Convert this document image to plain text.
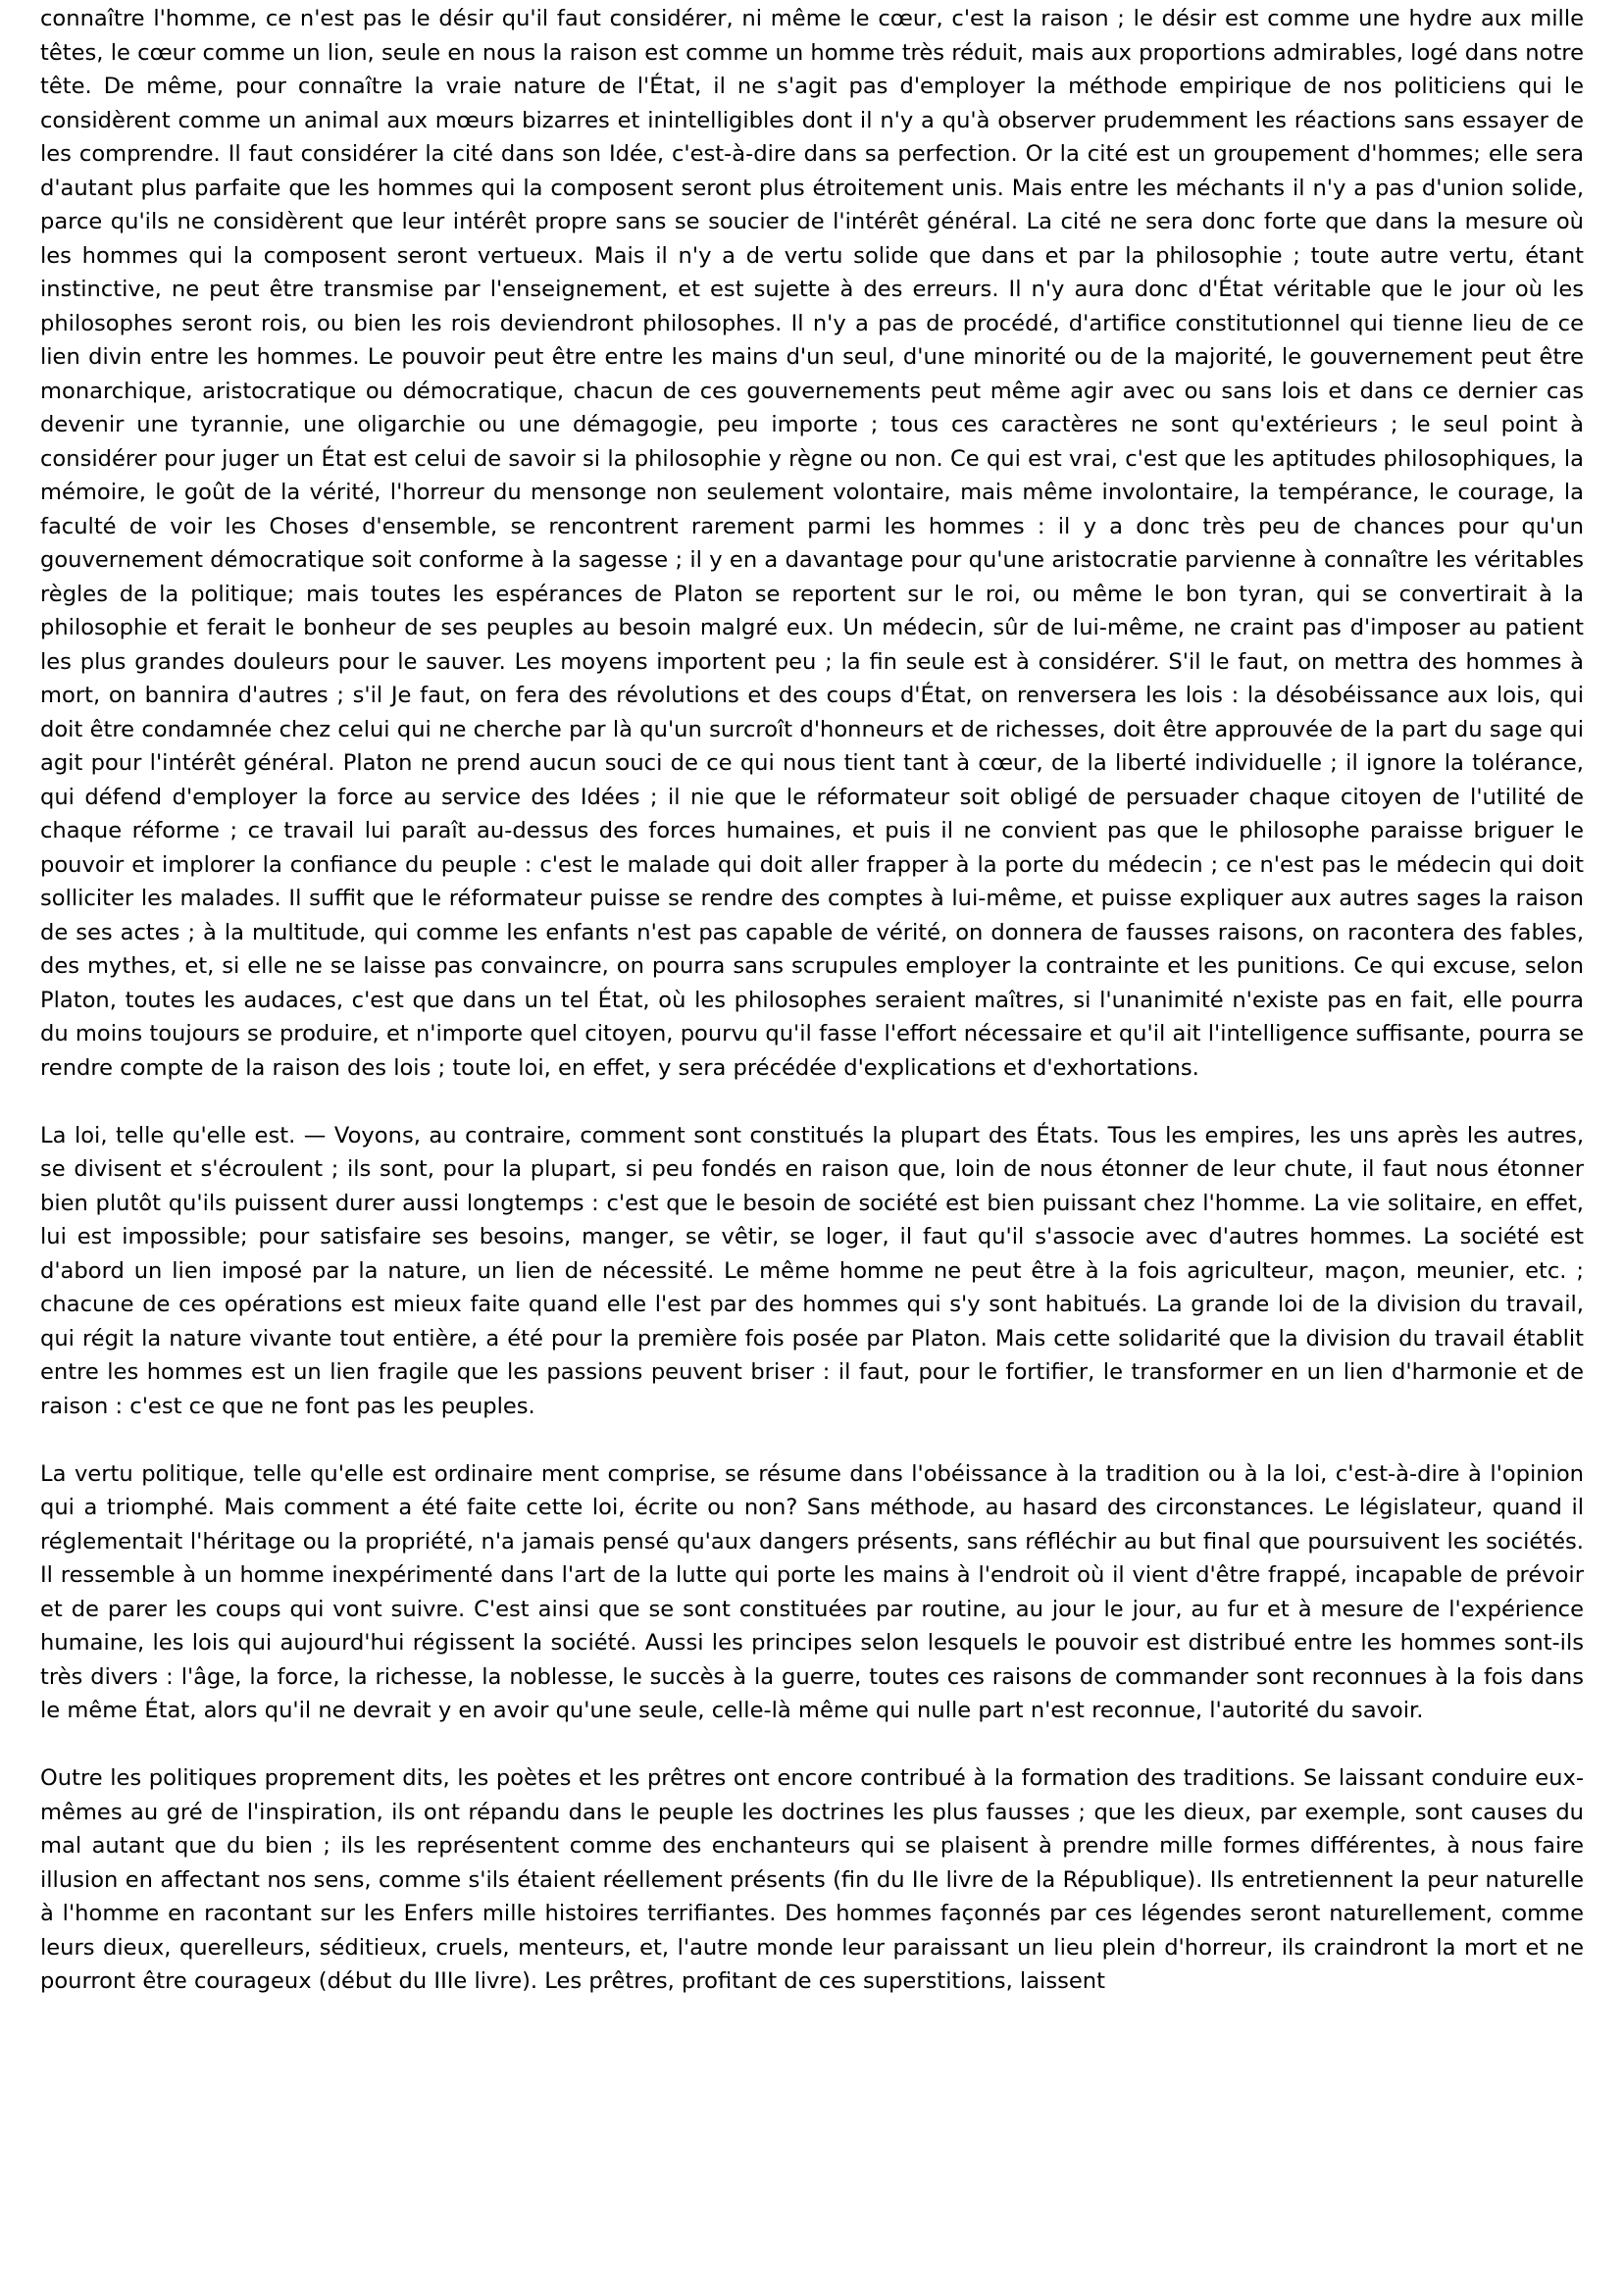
connaître l'homme, ce n'est pas le désir qu'il faut considérer, ni même le cœur, c'est la raison ; le désir est comme une hydre aux mille têtes, le cœur comme un lion, seule en nous la raison est comme un homme très réduit, mais aux proportions admirables, logé dans notre tête. De même, pour connaître la vraie nature de l'État, il ne s'agit pas d'employer la méthode empirique de nos politiciens qui le considèrent comme un animal aux mœurs bizarres et inintelligibles dont il n'y a qu'à observer prudemment les réactions sans essayer de les comprendre. Il faut considérer la cité dans son Idée, c'est-à-dire dans sa perfection. Or la cité est un groupement d'hommes; elle sera d'autant plus parfaite que les hommes qui la composent seront plus étroitement unis. Mais entre les méchants il n'y a pas d'union solide, parce qu'ils ne considèrent que leur intérêt propre sans se soucier de l'intérêt général. La cité ne sera donc forte que dans la mesure où les hommes qui la composent seront vertueux. Mais il n'y a de vertu solide que dans et par la philosophie ; toute autre vertu, étant instinctive, ne peut être transmise par l'enseignement, et est sujette à des erreurs. Il n'y aura donc d'État véritable que le jour où les philosophes seront rois, ou bien les rois deviendront philosophes. Il n'y a pas de procédé, d'artifice constitutionnel qui tienne lieu de ce lien divin entre les hommes. Le pouvoir peut être entre les mains d'un seul, d'une minorité ou de la majorité, le gouvernement peut être monarchique, aristocratique ou démocratique, chacun de ces gouvernements peut même agir avec ou sans lois et dans ce dernier cas devenir une tyrannie, une oligarchie ou une démagogie, peu importe ; tous ces caractères ne sont qu'extérieurs ; le seul point à considérer pour juger un État est celui de savoir si la philosophie y règne ou non. Ce qui est vrai, c'est que les aptitudes philosophiques, la mémoire, le goût de la vérité, l'horreur du mensonge non seulement volontaire, mais même involontaire, la tempérance, le courage, la faculté de voir les Choses d'ensemble, se rencontrent rarement parmi les hommes : il y a donc très peu de chances pour qu'un gouvernement démocratique soit conforme à la sagesse ; il y en a davantage pour qu'une aristocratie parvienne à connaître les véritables règles de la politique; mais toutes les espérances de Platon se reportent sur le roi, ou même le bon tyran, qui se convertirait à la philosophie et ferait le bonheur de ses peuples au besoin malgré eux. Un médecin, sûr de lui-même, ne craint pas d'imposer au patient les plus grandes douleurs pour le sauver. Les moyens importent peu ; la fin seule est à considérer. S'il le faut, on mettra des hommes à mort, on bannira d'autres ; s'il Je faut, on fera des révolutions et des coups d'État, on renversera les lois : la désobéissance aux lois, qui doit être condamnée chez celui qui ne cherche par là qu'un surcroît d'honneurs et de richesses, doit être approuvée de la part du sage qui agit pour l'intérêt général. Platon ne prend aucun souci de ce qui nous tient tant à cœur, de la liberté individuelle ; il ignore la tolérance, qui défend d'employer la force au service des Idées ; il nie que le réformateur soit obligé de persuader chaque citoyen de l'utilité de chaque réforme ; ce travail lui paraît au-dessus des forces humaines, et puis il ne convient pas que le philosophe paraisse briguer le pouvoir et implorer la confiance du peuple : c'est le malade qui doit aller frapper à la porte du médecin ; ce n'est pas le médecin qui doit solliciter les malades. Il suffit que le réformateur puisse se rendre des comptes à lui-même, et puisse expliquer aux autres sages la raison de ses actes ; à la multitude, qui comme les enfants n'est pas capable de vérité, on donnera de fausses raisons, on racontera des fables, des mythes, et, si elle ne se laisse pas convaincre, on pourra sans scrupules employer la contrainte et les punitions. Ce qui excuse, selon Platon, toutes les audaces, c'est que dans un tel État, où les philosophes seraient maîtres, si l'unanimité n'existe pas en fait, elle pourra du moins toujours se produire, et n'importe quel citoyen, pourvu qu'il fasse l'effort nécessaire et qu'il ait l'intelligence suffisante, pourra se rendre compte de la raison des lois ; toute loi, en effet, y sera précédée d'explications et d'exhortations.

La loi, telle qu'elle est. — Voyons, au contraire, comment sont constitués la plupart des États. Tous les empires, les uns après les autres, se divisent et s'écroulent ; ils sont, pour la plupart, si peu fondés en raison que, loin de nous étonner de leur chute, il faut nous étonner bien plutôt qu'ils puissent durer aussi longtemps : c'est que le besoin de société est bien puissant chez l'homme. La vie solitaire, en effet, lui est impossible; pour satisfaire ses besoins, manger, se vêtir, se loger, il faut qu'il s'associe avec d'autres hommes. La société est d'abord un lien imposé par la nature, un lien de nécessité. Le même homme ne peut être à la fois agriculteur, maçon, meunier, etc. ; chacune de ces opérations est mieux faite quand elle l'est par des hommes qui s'y sont habitués. La grande loi de la division du travail, qui régit la nature vivante tout entière, a été pour la première fois posée par Platon. Mais cette solidarité que la division du travail établit entre les hommes est un lien fragile que les passions peuvent briser : il faut, pour le fortifier, le transformer en un lien d'harmonie et de raison : c'est ce que ne font pas les peuples.

La vertu politique, telle qu'elle est ordinaire ment comprise, se résume dans l'obéissance à la tradition ou à la loi, c'est-à-dire à l'opinion qui a triomphé. Mais comment a été faite cette loi, écrite ou non? Sans méthode, au hasard des circonstances. Le législateur, quand il réglementait l'héritage ou la propriété, n'a jamais pensé qu'aux dangers présents, sans réfléchir au but final que poursuivent les sociétés. Il ressemble à un homme inexpérimenté dans l'art de la lutte qui porte les mains à l'endroit où il vient d'être frappé, incapable de prévoir et de parer les coups qui vont suivre. C'est ainsi que se sont constituées par routine, au jour le jour, au fur et à mesure de l'expérience humaine, les lois qui aujourd'hui régissent la société. Aussi les principes selon lesquels le pouvoir est distribué entre les hommes sont-ils très divers : l'âge, la force, la richesse, la noblesse, le succès à la guerre, toutes ces raisons de commander sont reconnues à la fois dans le même État, alors qu'il ne devrait y en avoir qu'une seule, celle-là même qui nulle part n'est reconnue, l'autorité du savoir.

Outre les politiques proprement dits, les poètes et les prêtres ont encore contribué à la formation des traditions. Se laissant conduire eux-mêmes au gré de l'inspiration, ils ont répandu dans le peuple les doctrines les plus fausses ; que les dieux, par exemple, sont causes du mal autant que du bien ; ils les représentent comme des enchanteurs qui se plaisent à prendre mille formes différentes, à nous faire illusion en affectant nos sens, comme s'ils étaient réellement présents (fin du IIe livre de la République). Ils entretiennent la peur naturelle à l'homme en racontant sur les Enfers mille histoires terrifiantes. Des hommes façonnés par ces légendes seront naturellement, comme leurs dieux, querelleurs, séditieux, cruels, menteurs, et, l'autre monde leur paraissant un lieu plein d'horreur, ils craindront la mort et ne pourront être courageux (début du IIIe livre). Les prêtres, profitant de ces superstitions, laissent
